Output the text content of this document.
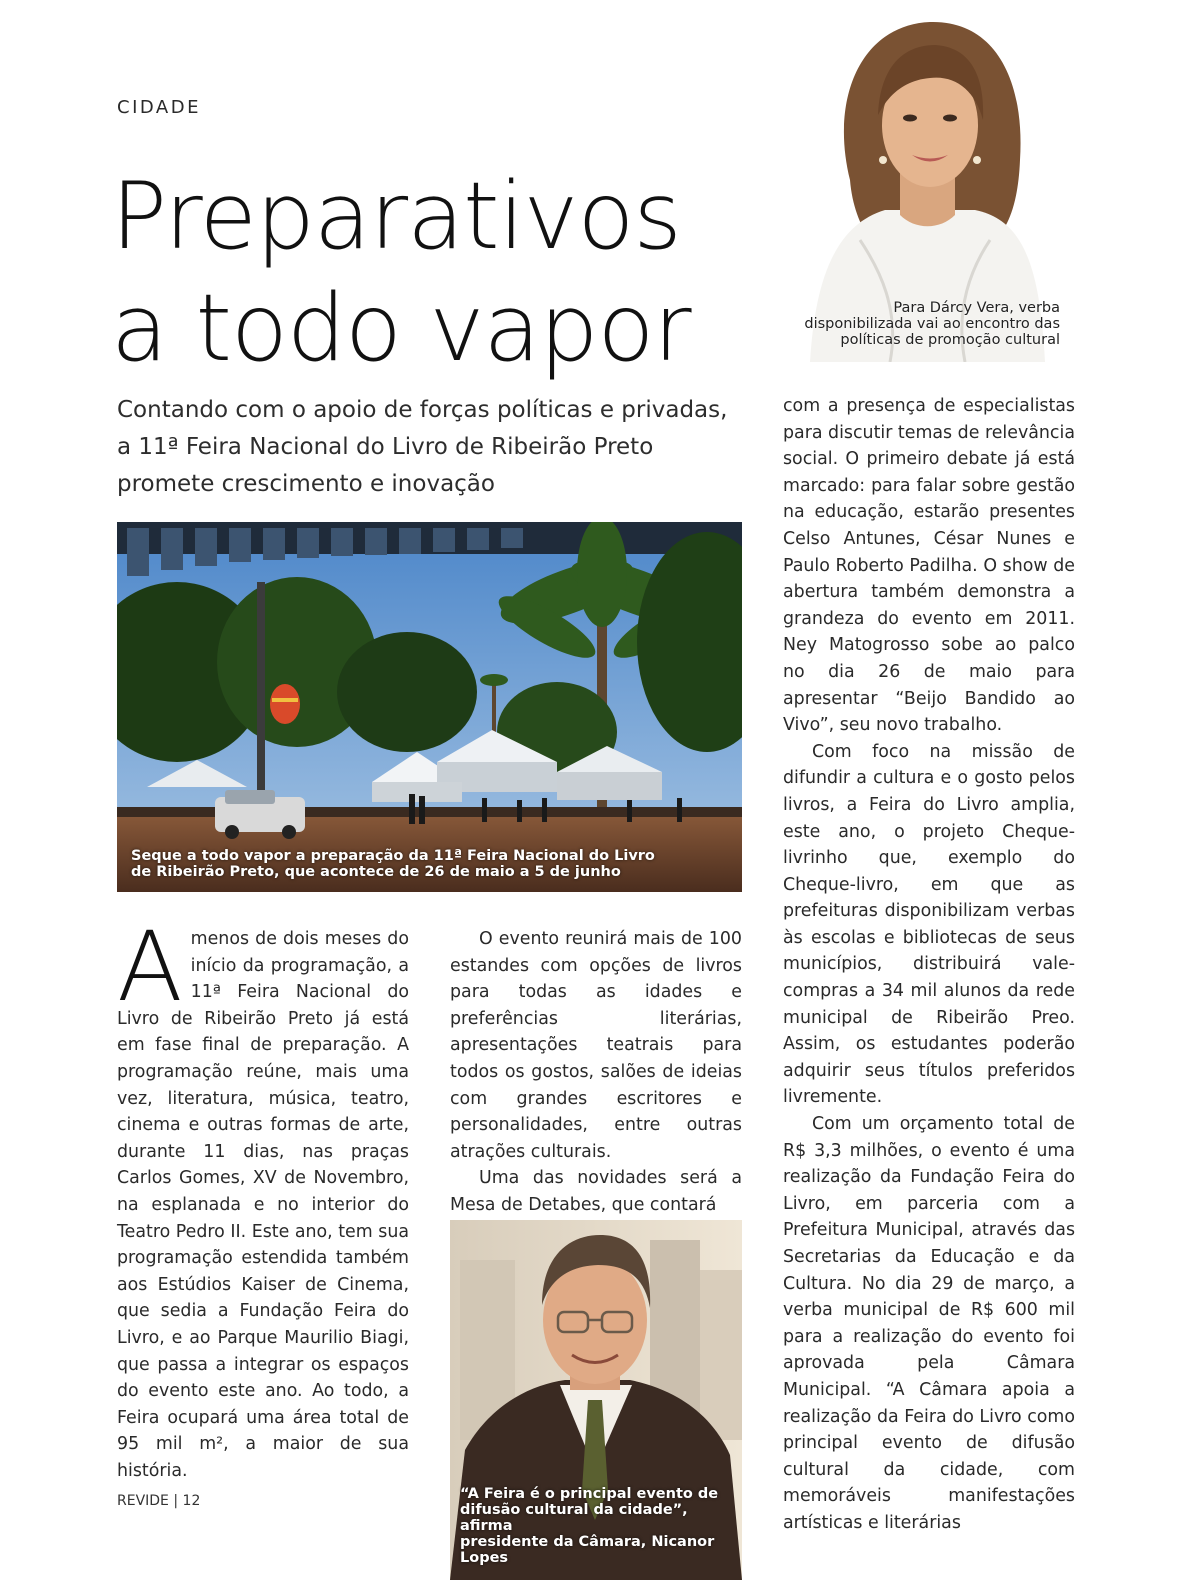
CIDADE
Preparativos
a todo vapor	Para Dárcy Vera, verba
disponibilizada vai ao encontro das
políticas de promoção cultural
Contando com o apoio de forças políticas e privadas, a 11ª Feira Nacional do Livro de Ribeirão Preto promete crescimento e inovação
Seque a todo vapor a preparação da 11ª Feira Nacional do Livro
de Ribeirão Preto, que acontece de 26 de maio a 5 de junho

A menos de dois meses do início da programação, a 11ª Feira Nacional do Livro de Ribeirão Preto já está em fase final de preparação. A programação reúne, mais uma vez, literatura, música, teatro, cinema e outras formas de arte, durante 11 dias, nas praças Carlos Gomes, XV de Novembro, na esplanada e no interior do Teatro Pedro II. Este ano, tem sua programação estendida também aos Estúdios Kaiser de Cinema, que sedia a Fundação Feira do Livro, e ao Parque Maurilio Biagi, que passa a integrar os espaços do evento este ano. Ao todo, a Feira ocupará uma área total de 95 mil m², a maior de sua história.

O evento reunirá mais de 100 estandes com opções de livros para todas as idades e preferências literárias, apresentações teatrais para todos os gostos, salões de ideias com grandes escritores e personalidades, entre outras atrações culturais.

Uma das novidades será a Mesa de Detabes, que contará

“A Feira é o principal evento de
difusão cultural da cidade”, afirma
presidente da Câmara, Nicanor Lopes

com a presença de especialistas para discutir temas de relevância social. O primeiro debate já está marcado: para falar sobre gestão na educação, estarão presentes Celso Antunes, César Nunes e Paulo Roberto Padilha. O show de abertura também demonstra a grandeza do evento em 2011. Ney Matogrosso sobe ao palco no dia 26 de maio para apresentar “Beijo Bandido ao Vivo”, seu novo trabalho.

Com foco na missão de difundir a cultura e o gosto pelos livros, a Feira do Livro amplia, este ano, o projeto Cheque-livrinho que, exemplo do Cheque-livro, em que as prefeituras disponibilizam verbas às escolas e bibliotecas de seus municípios, distribuirá vale-compras a 34 mil alunos da rede municipal de Ribeirão Preo. Assim, os estudantes poderão adquirir seus títulos preferidos livremente.

Com um orçamento total de R$ 3,3 milhões, o evento é uma realização da Fundação Feira do Livro, em parceria com a Prefeitura Municipal, através das Secretarias da Educação e da Cultura. No dia 29 de março, a verba municipal de R$ 600 mil para a realização do evento foi aprovada pela Câmara Municipal. “A Câmara apoia a realização da Feira do Livro como principal evento de difusão cultural da cidade, com memoráveis manifestações artísticas e literárias

REVIDE | 12
